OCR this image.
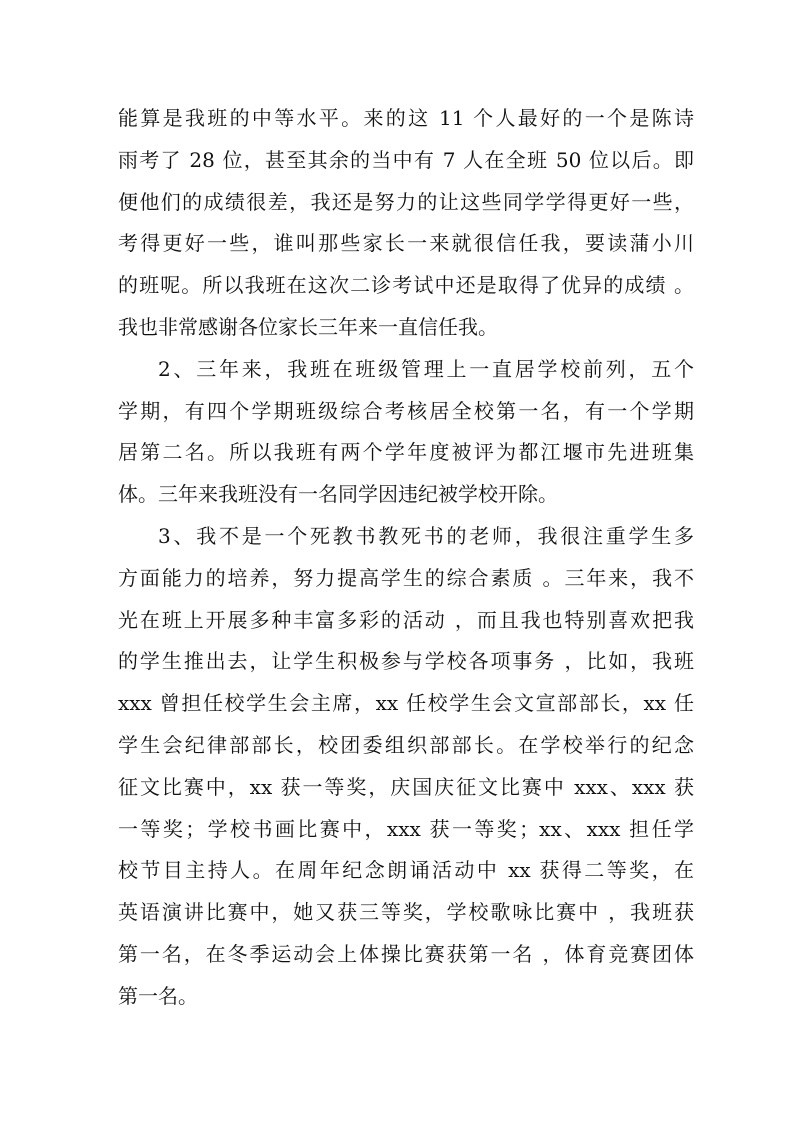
能算是我班的中等水平。来的这 11 个人最好的一个是陈诗
雨考了 28 位，甚至其余的当中有 7 人在全班 50 位以后。即
便他们的成绩很差，我还是努力的让这些同学学得更好一些，
考得更好一些，谁叫那些家长一来就很信任我，要读蒲小川
的班呢。所以我班在这次二诊考试中还是取得了优异的成绩 。
我也非常感谢各位家长三年来一直信任我。
2、三年来，我班在班级管理上一直居学校前列，五个
学期，有四个学期班级综合考核居全校第一名，有一个学期
居第二名。所以我班有两个学年度被评为都江堰市先进班集
体。三年来我班没有一名同学因违纪被学校开除。
3、我不是一个死教书教死书的老师，我很注重学生多
方面能力的培养，努力提高学生的综合素质 。三年来，我不
光在班上开展多种丰富多彩的活动 ，而且我也特别喜欢把我
的学生推出去，让学生积极参与学校各项事务 ，比如，我班
xxx 曾担任校学生会主席，xx 任校学生会文宣部部长，xx 任
学生会纪律部部长，校团委组织部部长。在学校举行的纪念
征文比赛中，xx 获一等奖，庆国庆征文比赛中 xxx、xxx 获
一等奖；学校书画比赛中，xxx 获一等奖；xx、xxx 担任学
校节目主持人。在周年纪念朗诵活动中 xx 获得二等奖，在
英语演讲比赛中，她又获三等奖，学校歌咏比赛中 ，我班获
第一名，在冬季运动会上体操比赛获第一名 ，体育竞赛团体
第一名。
